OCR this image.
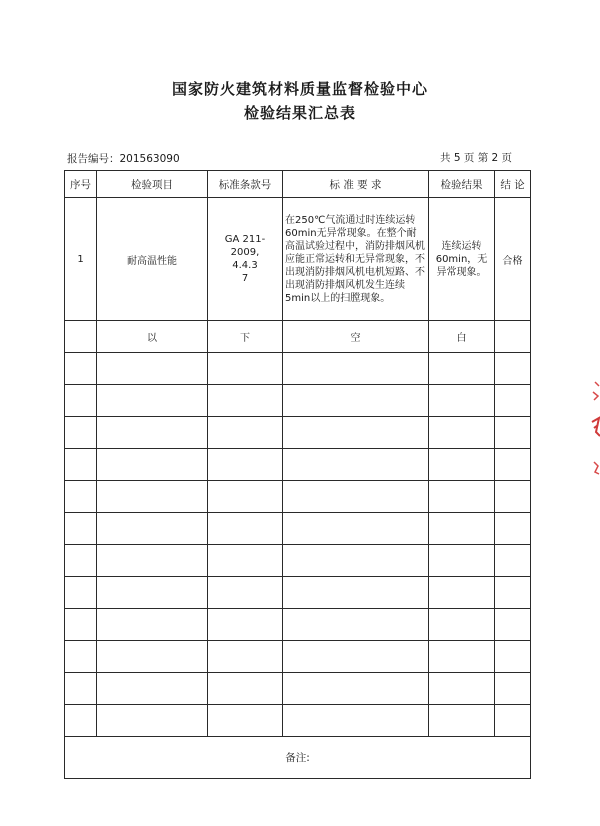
国家防火建筑材料质量监督检验中心
检验结果汇总表
报告编号：201563090	共 5 页 第 2 页
序号	检验项目	标准条款号	标 准 要 求	检验结果	结 论
1	耐高温性能	GA 211-
2009,
4.4.3
7	在250℃气流通过时连续运转60min无异常现象。在整个耐高温试验过程中，消防排烟风机应能正常运转和无异常现象，不出现消防排烟风机电机短路、不出现消防排烟风机发生连续5min以上的扫膛现象。	连续运转
60min，无
异常现象。	合格
	以	下	空	白	

备注:					
